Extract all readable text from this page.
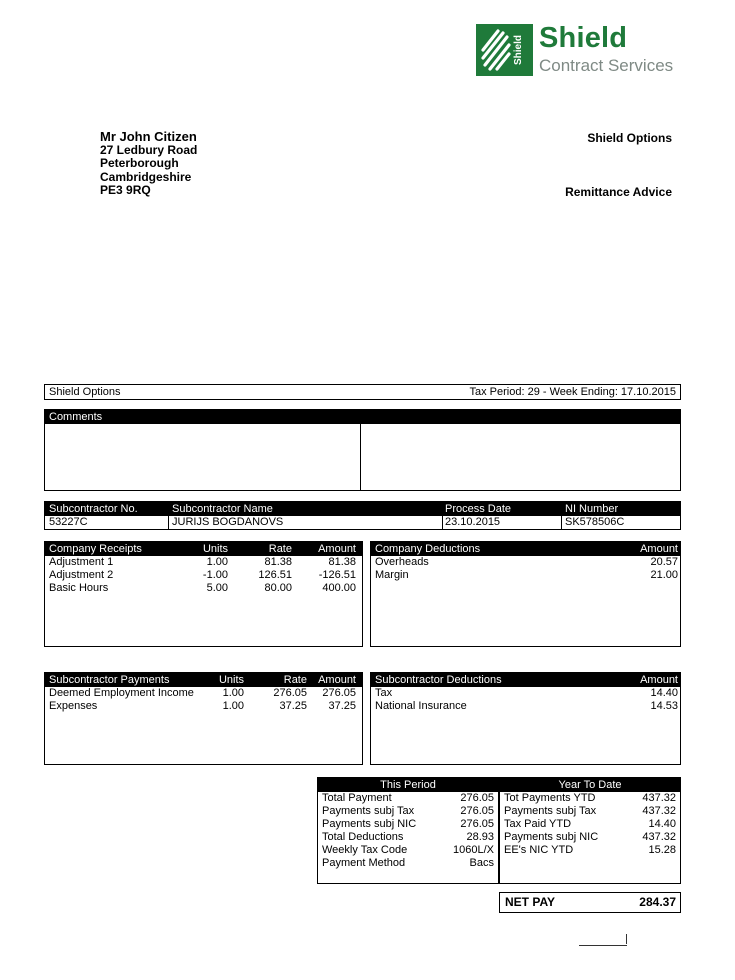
Shield Shield
Contract Services
Mr John Citizen
27 Ledbury Road
Peterborough
Cambridgeshire
PE3 9RQ
Shield Options
Remittance Advice
Shield Options	Tax Period: 29 - Week Ending: 17.10.2015
Comments
Subcontractor No.	Subcontractor Name	Process Date	NI Number
53227C	JURIJS BOGDANOVS	23.10.2015	SK578506C
Company Receipts	Units	Rate Amount
Adjustment 1	1.00	81.38	81.38
Adjustment 2	-1.00	126.51 -126.51
Basic Hours	5.00	80.00	400.00
Company Deductions	Amount
Overheads	20.57
Margin	21.00
Subcontractor Payments	Units	Rate Amount
Deemed Employment Income	1.00	276.05 276.05
Expenses	1.00	37.25 37.25
Subcontractor Deductions	Amount
Tax	14.40
National Insurance	14.53
This Period
Total Payment	276.05
Payments subj Tax	276.05
Payments subj NIC	276.05
Total Deductions	28.93
Weekly Tax Code	1060L/X
Payment Method	Bacs
Year To Date
Tot Payments YTD	437.32
Payments subj Tax	437.32
Tax Paid YTD	14.40
Payments subj NIC	437.32
EE's NIC YTD	15.28
NET PAY	284.37
